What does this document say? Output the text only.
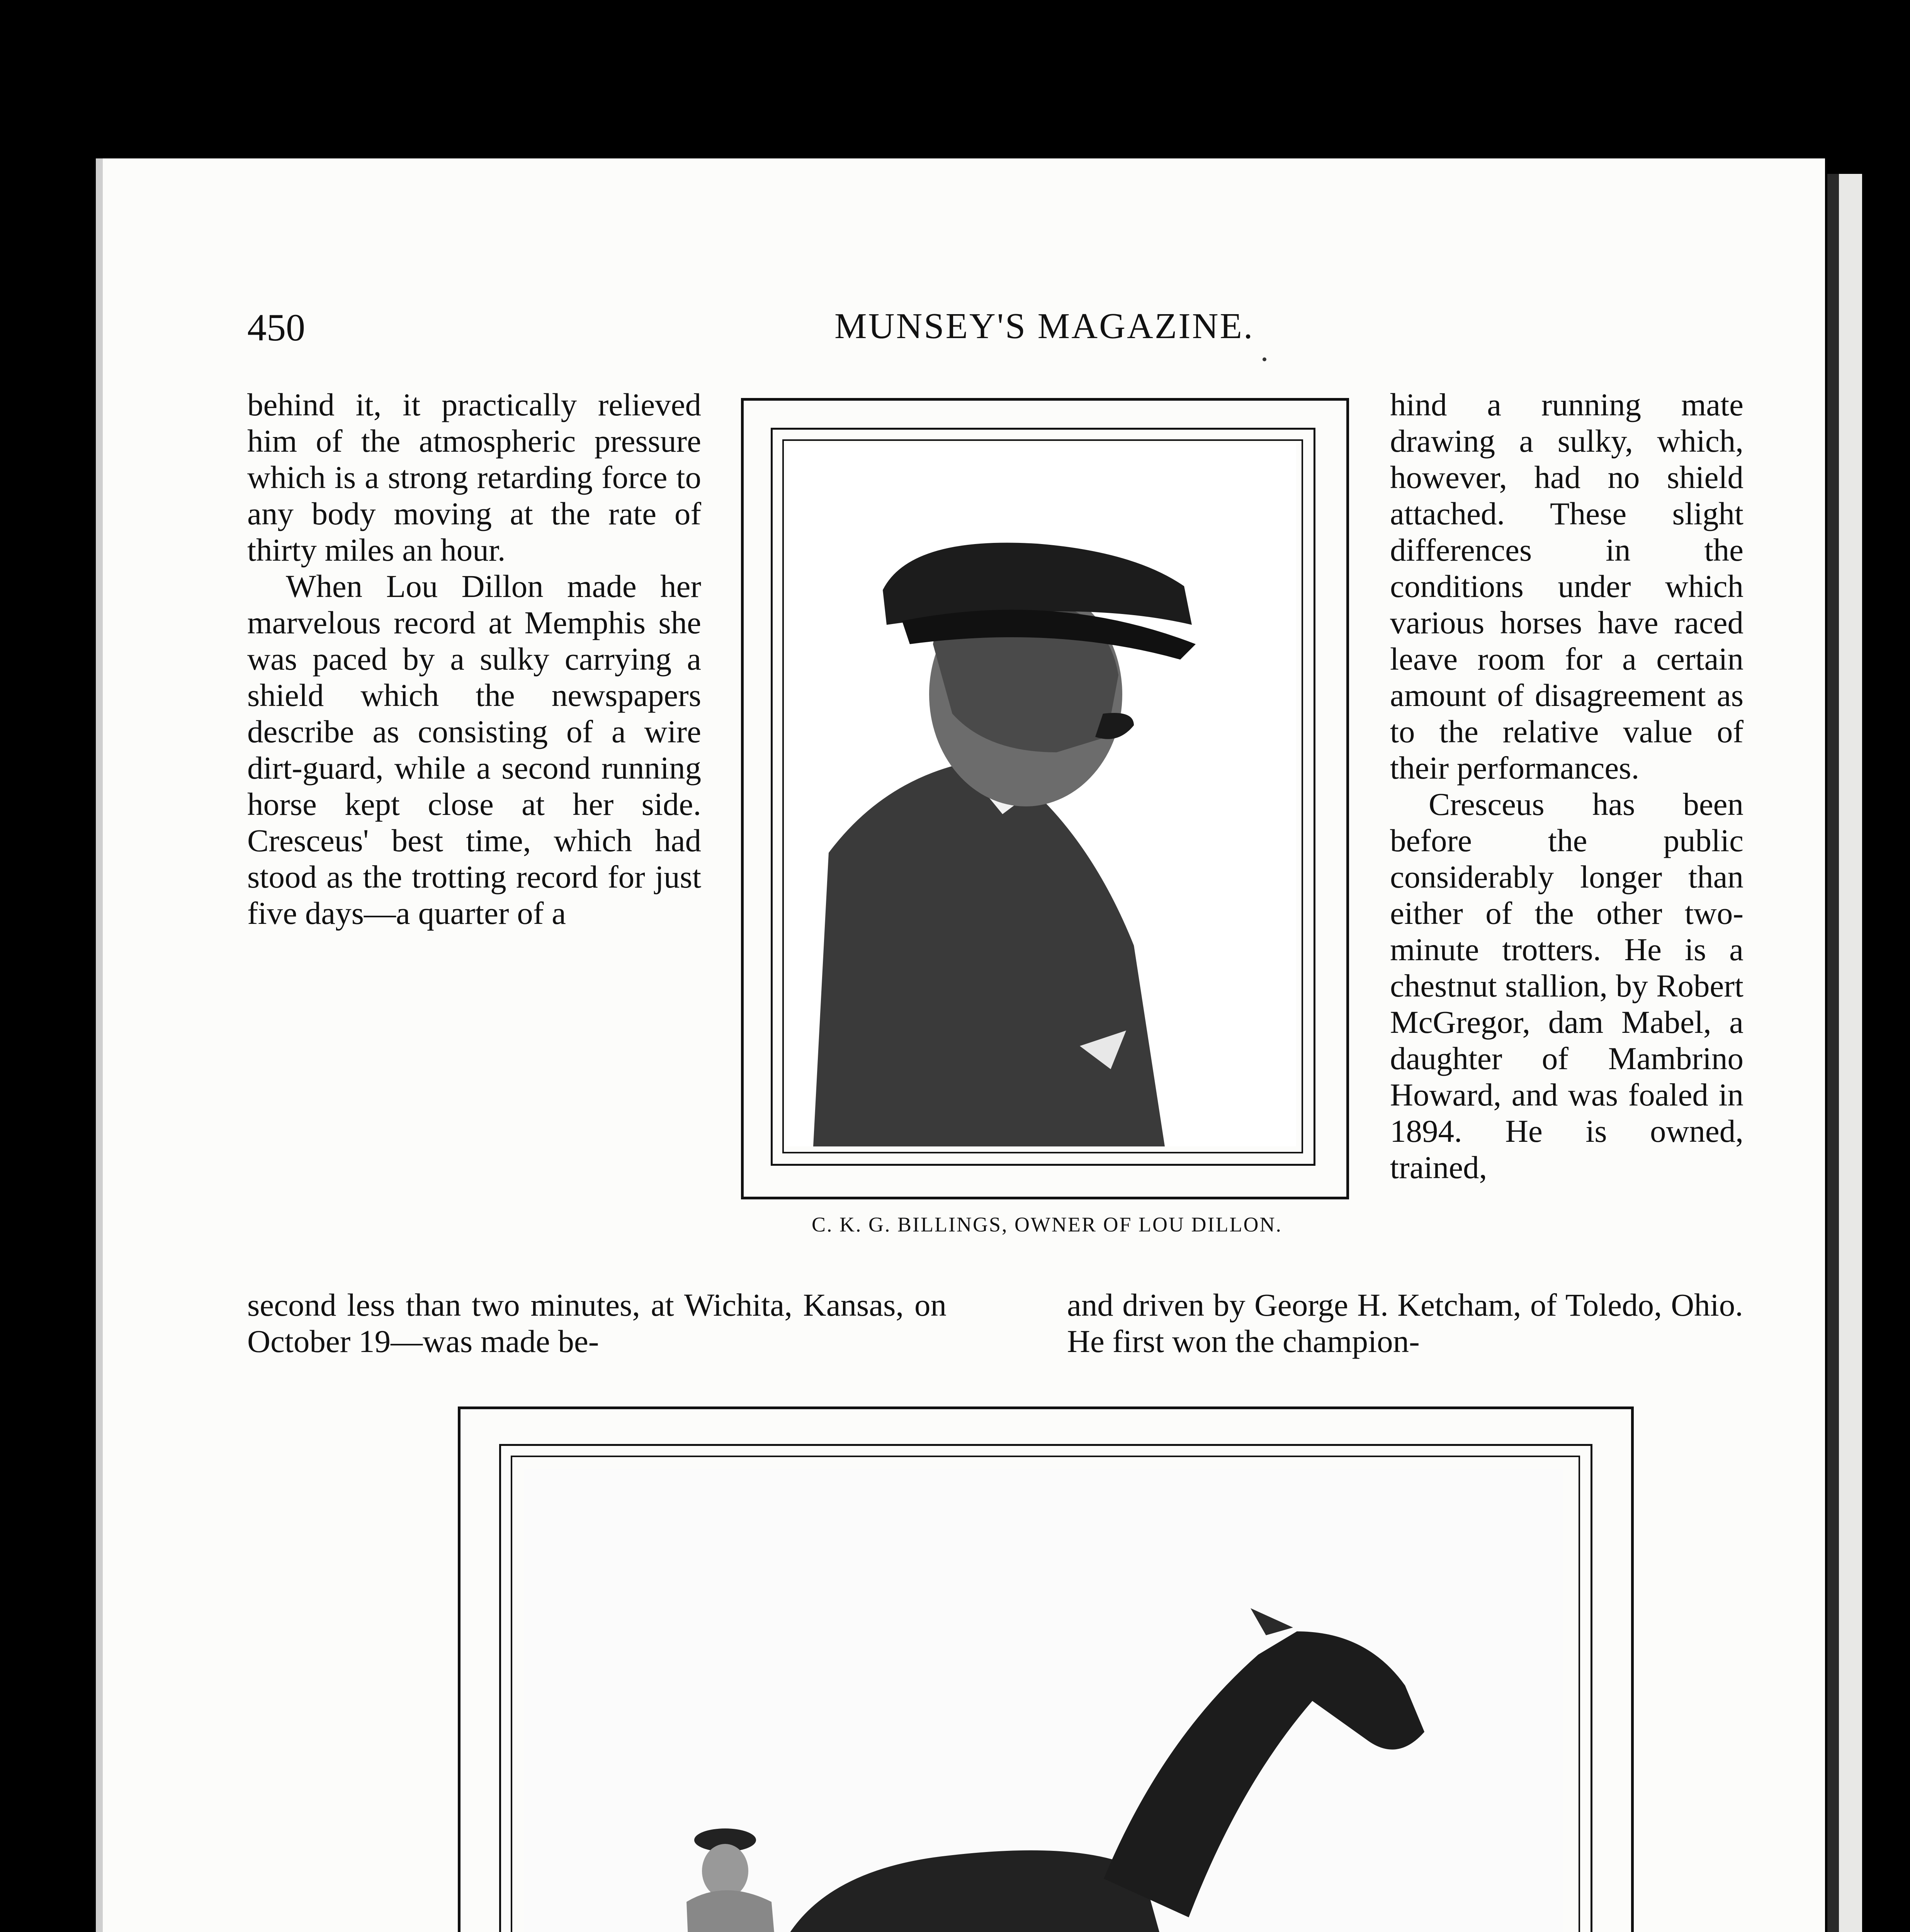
450	MUNSEY'S MAGAZINE.

behind it, it practically relieved him of the atmospheric pressure which is a strong retarding force to any body moving at the rate of thirty miles an hour.

When Lou Dillon made her marvelous record at Memphis she was paced by a sulky carrying a shield which the newspapers describe as consisting of a wire dirt-guard, while a second running horse kept close at her side. Cresceus' best time, which had stood as the trotting record for just five days—a quarter of a

hind a running mate drawing a sulky, which, however, had no shield attached. These slight differences in the conditions under which various horses have raced leave room for a certain amount of disagreement as to the relative value of their performances.

Cresceus has been before the public considerably longer than either of the other two-minute trotters. He is a chestnut stallion, by Robert McGregor, dam Mabel, a daughter of Mambrino Howard, and was foaled in 1894. He is owned, trained,

second less than two minutes, at Wichita, Kansas, on October 19—was made be-
and driven by George H. Ketcham, of Toledo, Ohio. He first won the champion-
C. K. G. BILLINGS, OWNER OF LOU DILLON.
